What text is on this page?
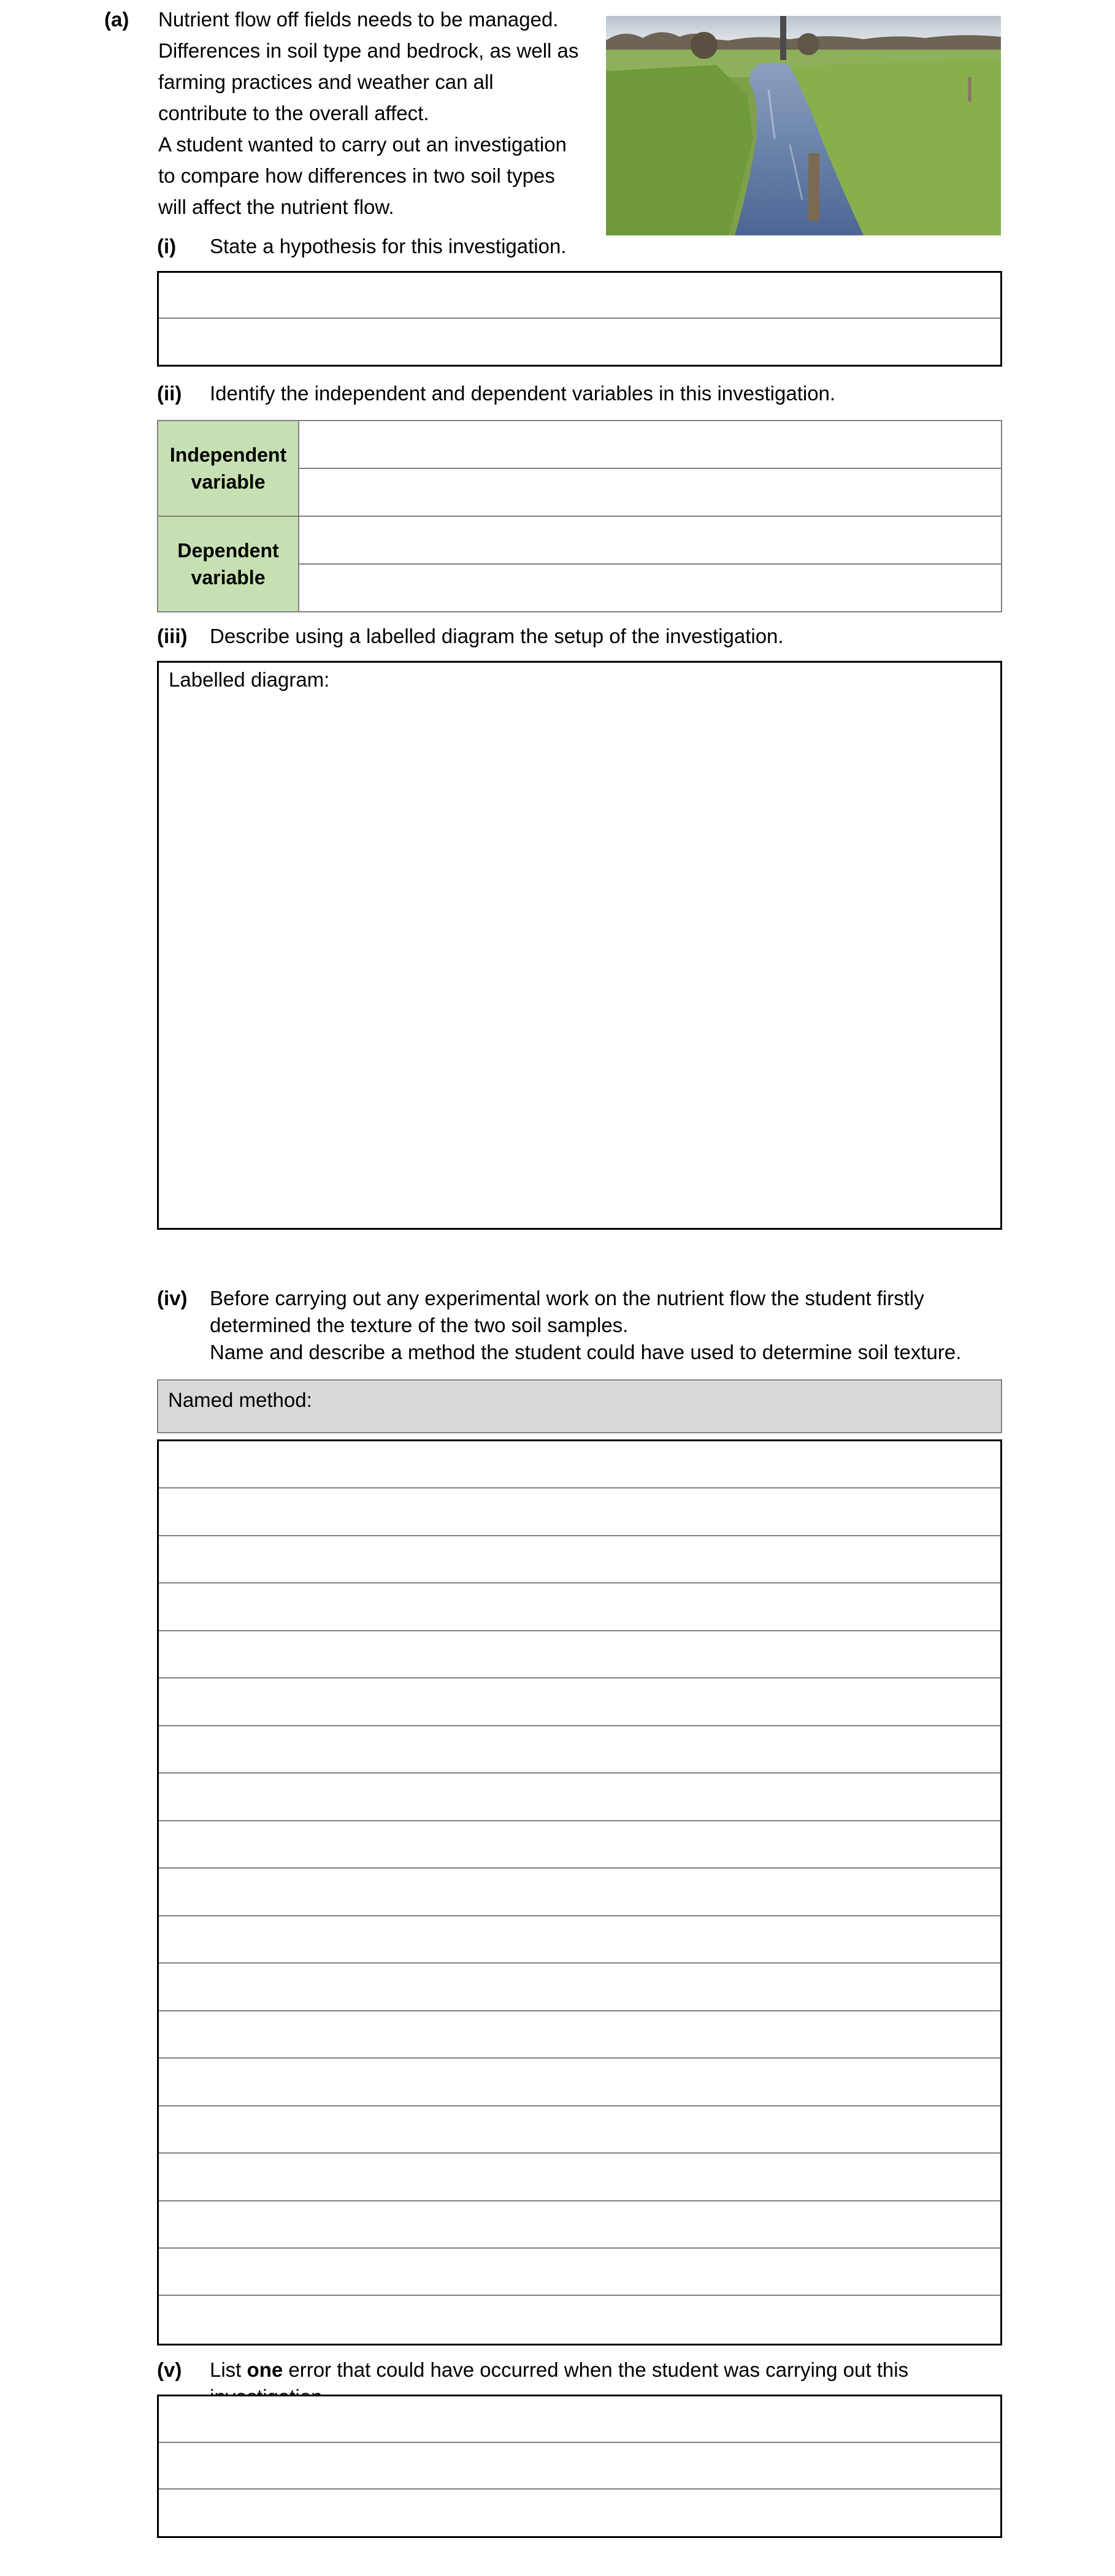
(a) Nutrient flow off fields needs to be managed.

Differences in soil type and bedrock, as well as

farming practices and weather can all

contribute to the overall affect.

A student wanted to carry out an investigation

to compare how differences in two soil types

will affect the nutrient flow.

(i) State a hypothesis for this investigation.
(ii) Identify the independent and dependent variables in this investigation.
Independent
variable	

Dependent
variable	

(iii) Describe using a labelled diagram the setup of the investigation.
Labelled diagram:
(iv) Before carrying out any experimental work on the nutrient flow the student firstly
determined the texture of the two soil samples.
Name and describe a method the student could have used to determine soil texture.
Named method:
(v) List one error that could have occurred when the student was carrying out this
